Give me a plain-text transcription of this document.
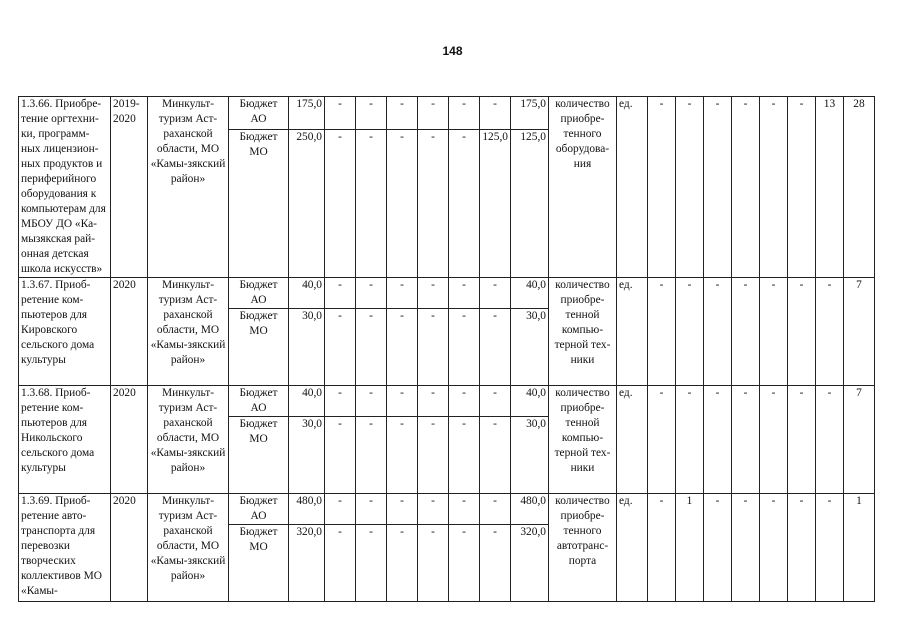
148
1.3.66. Приобре-тение оргтехни-ки, программ-ных лицензион-ных продуктов и периферийного оборудования к компьютерам для МБОУ ДО «Ка-мызякская рай-онная детская школа искусств»	2019-2020	Минкульт-туризм Аст-раханской области, МО «Камы-зякский район»	Бюджет АО	175,0	-	-	-	-	-	-	175,0	количество приобре-тенного оборудова-ния	ед.	-	-	-	-	-	-	13	28
			Бюджет МО	250,0	-	-	-	-	-	125,0	125,0										
1.3.67. Приоб-ретение ком-пьютеров для Кировского сельского дома культуры	2020	Минкульт-туризм Аст-раханской области, МО «Камы-зякский район»	Бюджет АО	40,0	-	-	-	-	-	-	40,0	количество приобре-тенной компью-терной тех-ники	ед.	-	-	-	-	-	-	-	7
			Бюджет МО	30,0	-	-	-	-	-	-	30,0										
1.3.68. Приоб-ретение ком-пьютеров для Никольского сельского дома культуры	2020	Минкульт-туризм Аст-раханской области, МО «Камы-зякский район»	Бюджет АО	40,0	-	-	-	-	-	-	40,0	количество приобре-тенной компью-терной тех-ники	ед.	-	-	-	-	-	-	-	7
			Бюджет МО	30,0	-	-	-	-	-	-	30,0										
1.3.69. Приоб-ретение авто-транспорта для перевозки творческих коллективов МО «Камы-	2020	Минкульт-туризм Аст-раханской области, МО «Камы-зякский район»	Бюджет АО	480,0	-	-	-	-	-	-	480,0	количество приобре-тенного автотранс-порта	ед.	-	1	-	-	-	-	-	1
			Бюджет МО	320,0	-	-	-	-	-	-	320,0										
